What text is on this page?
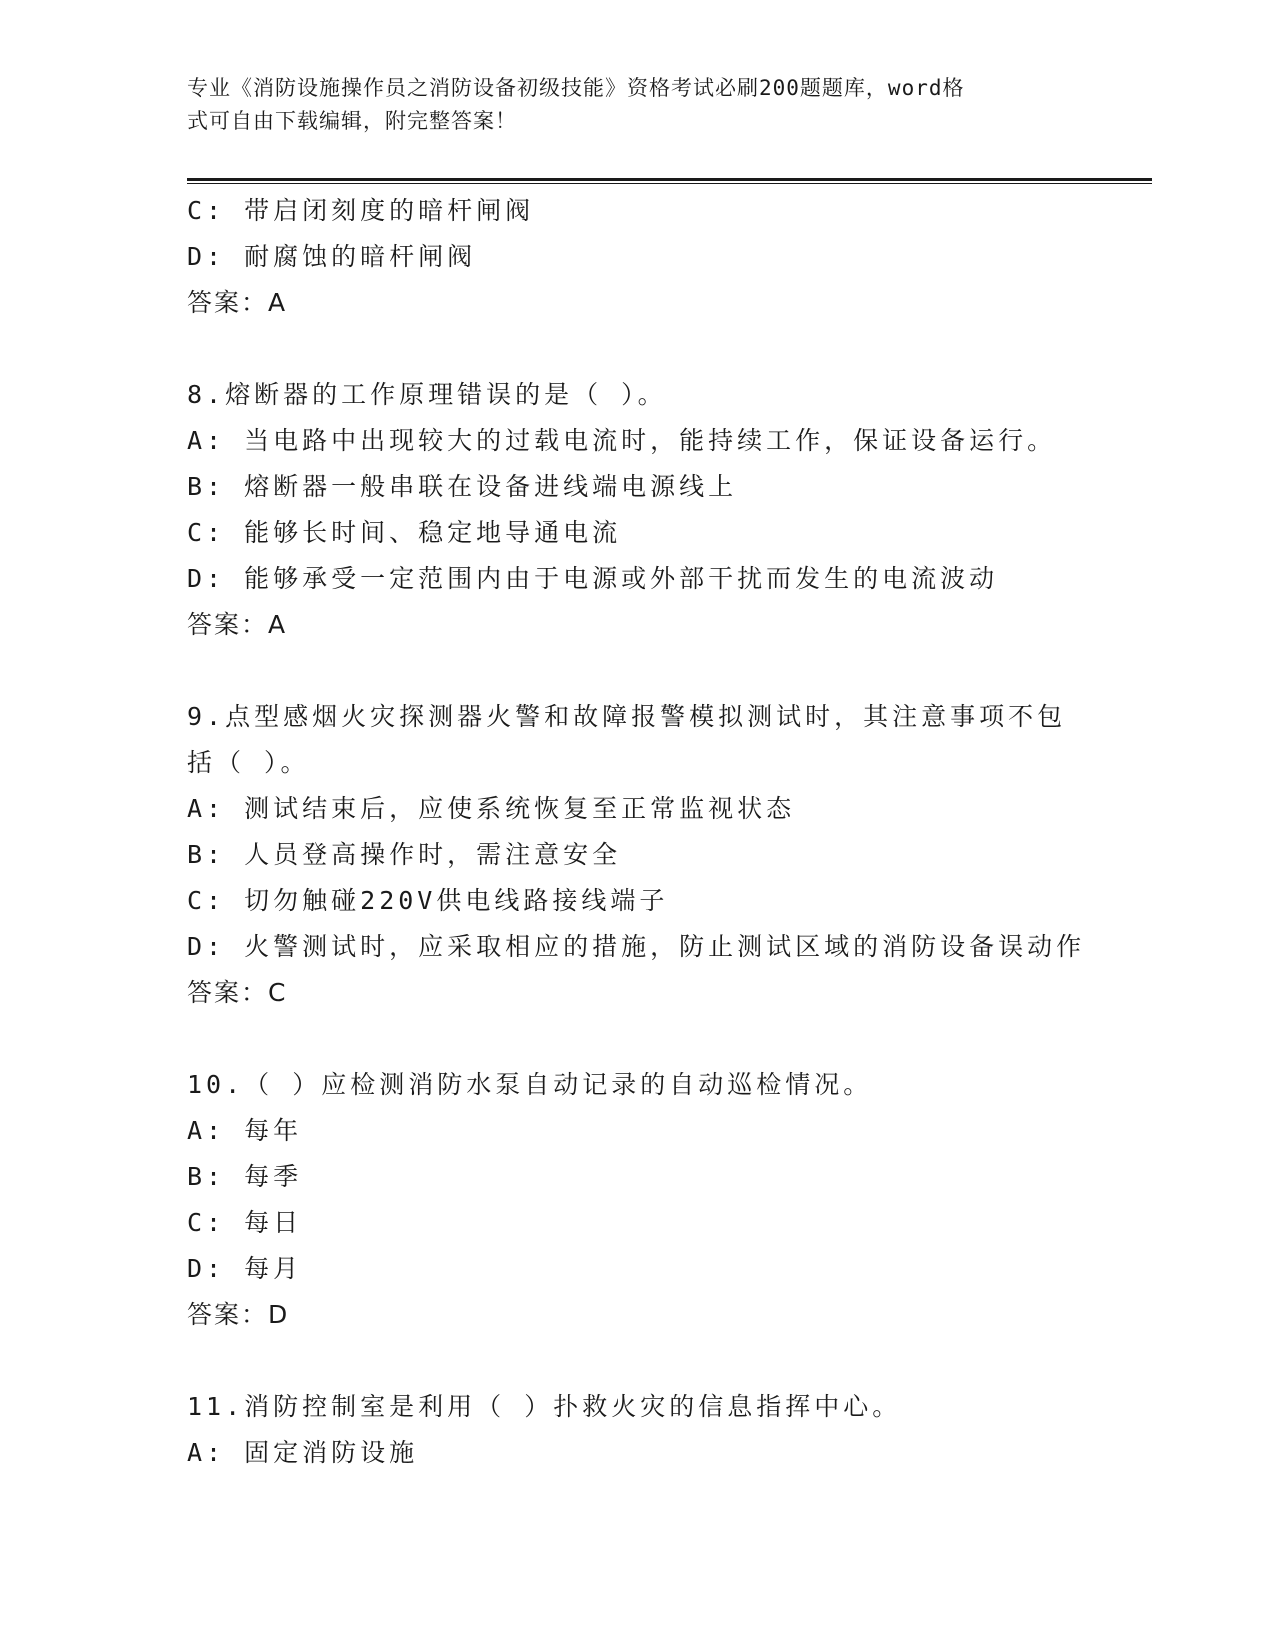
专业《消防设施操作员之消防设备初级技能》资格考试必刷200题题库，word格
式可自由下载编辑，附完整答案！
C: 带启闭刻度的暗杆闸阀
D: 耐腐蚀的暗杆闸阀
答案：A
8.熔断器的工作原理错误的是（ ）。
A: 当电路中出现较大的过载电流时，能持续工作，保证设备运行。
B: 熔断器一般串联在设备进线端电源线上
C: 能够长时间、稳定地导通电流
D: 能够承受一定范围内由于电源或外部干扰而发生的电流波动
答案：A
9.点型感烟火灾探测器火警和故障报警模拟测试时，其注意事项不包
括（ ）。
A: 测试结束后，应使系统恢复至正常监视状态
B: 人员登高操作时，需注意安全
C: 切勿触碰220V供电线路接线端子
D: 火警测试时，应采取相应的措施，防止测试区域的消防设备误动作
答案：C
10.（ ）应检测消防水泵自动记录的自动巡检情况。
A: 每年
B: 每季
C: 每日
D: 每月
答案：D
11.消防控制室是利用（ ）扑救火灾的信息指挥中心。
A: 固定消防设施
